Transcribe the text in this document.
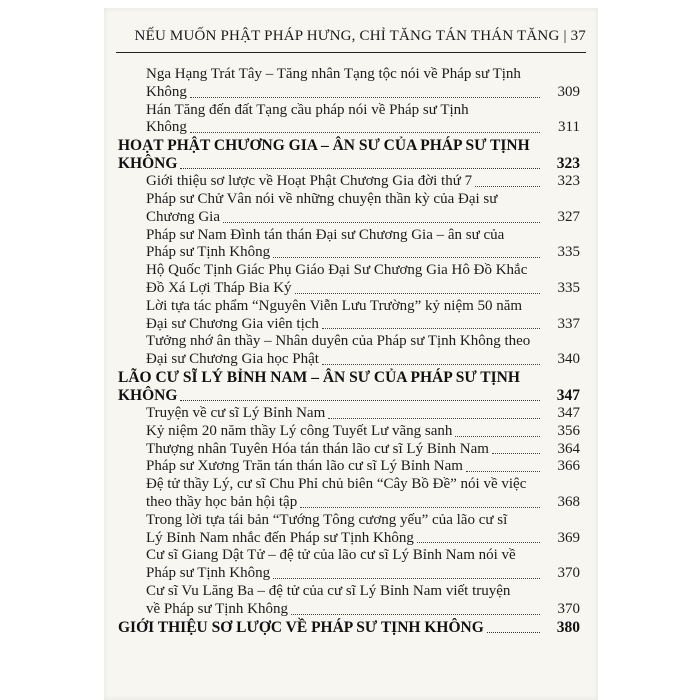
NẾU MUỐN PHẬT PHÁP HƯNG, CHỈ TĂNG TÁN THÁN TĂNG | 37
Nga Hạng Trát Tây – Tăng nhân Tạng tộc nói về Pháp sư Tịnh
Không	309
Hán Tăng đến đất Tạng cầu pháp nói về Pháp sư Tịnh
Không	311
HOẠT PHẬT CHƯƠNG GIA – ÂN SƯ CỦA PHÁP SƯ TỊNH
KHÔNG	323
Giới thiệu sơ lược về Hoạt Phật Chương Gia đời thứ 7	323
Pháp sư Chử Vân nói về những chuyện thần kỳ của Đại sư
Chương Gia	327
Pháp sư Nam Đình tán thán Đại sư Chương Gia – ân sư của
Pháp sư Tịnh Không	335
Hộ Quốc Tịnh Giác Phụ Giáo Đại Sư Chương Gia Hô Đồ Khắc
Đồ Xá Lợi Tháp Bia Ký	335
Lời tựa tác phẩm “Nguyên Viễn Lưu Trường” kỷ niệm 50 năm
Đại sư Chương Gia viên tịch	337
Tưởng nhớ ân thầy – Nhân duyên của Pháp sư Tịnh Không theo
Đại sư Chương Gia học Phật	340
LÃO CƯ SĨ LÝ BỈNH NAM – ÂN SƯ CỦA PHÁP SƯ TỊNH
KHÔNG	347
Truyện về cư sĩ Lý Bỉnh Nam	347
Kỷ niệm 20 năm thầy Lý công Tuyết Lư vãng sanh	356
Thượng nhân Tuyên Hóa tán thán lão cư sĩ Lý Bỉnh Nam	364
Pháp sư Xương Trăn tán thán lão cư sĩ Lý Bỉnh Nam	366
Đệ tử thầy Lý, cư sĩ Chu Phỉ chủ biên “Cây Bồ Đề” nói về việc
theo thầy học bản hội tập	368
Trong lời tựa tái bản “Tướng Tông cương yếu” của lão cư sĩ
Lý Bỉnh Nam nhắc đến Pháp sư Tịnh Không	369
Cư sĩ Giang Dật Tử – đệ tử của lão cư sĩ Lý Bỉnh Nam nói về
Pháp sư Tịnh Không	370
Cư sĩ Vu Lăng Ba – đệ tử của cư sĩ Lý Bỉnh Nam viết truyện
về Pháp sư Tịnh Không	370
GIỚI THIỆU SƠ LƯỢC VỀ PHÁP SƯ TỊNH KHÔNG	380
